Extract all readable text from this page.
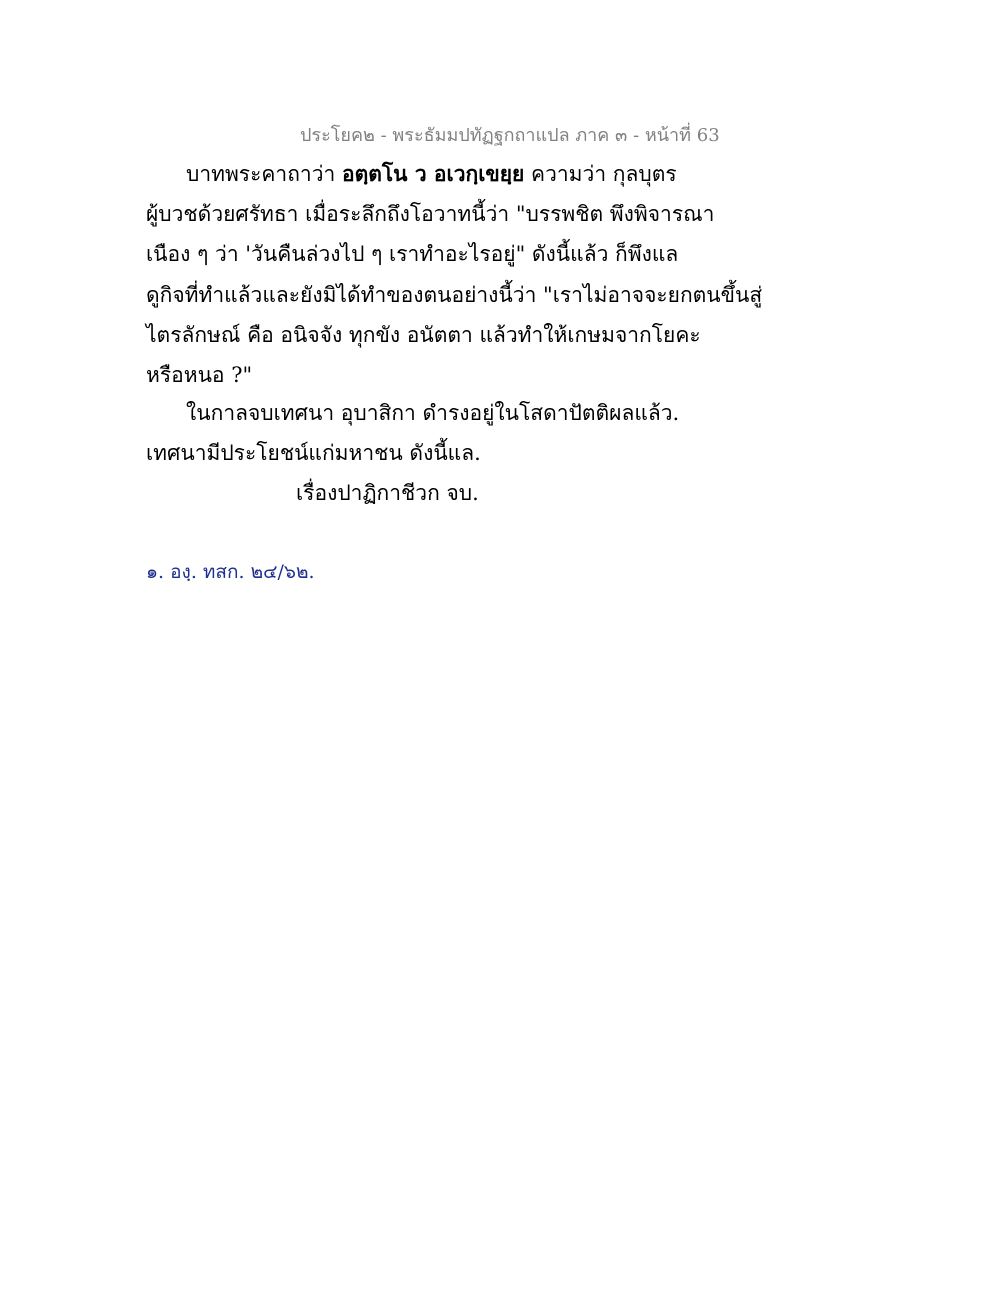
ประโยค๒ - พระธัมมปทัฏฐกถาแปล ภาค ๓ - หน้าที่ 63
บาทพระคาถาว่า อตฺตโน ว อเวกฺเขยฺย ความว่า กุลบุตร
ผู้บวชด้วยศรัทธา เมื่อระลึกถึงโอวาทนี้ว่า "บรรพชิต พึงพิจารณา
เนือง ๆ ว่า 'วันคืนล่วงไป ๆ เราทำอะไรอยู่" ดังนี้แล้ว ก็พึงแล
ดูกิจที่ทำแล้วและยังมิได้ทำของตนอย่างนี้ว่า "เราไม่อาจจะยกตนขึ้นสู่
ไตรลักษณ์ คือ อนิจจัง ทุกขัง อนัตตา แล้วทำให้เกษมจากโยคะ
หรือหนอ ?"
ในกาลจบเทศนา อุบาสิกา ดำรงอยู่ในโสดาปัตติผลแล้ว.
เทศนามีประโยชน์แก่มหาชน ดังนี้แล.
เรื่องปาฏิกาชีวก จบ.
๑. องฺ. ทสก. ๒๔/๖๒.
